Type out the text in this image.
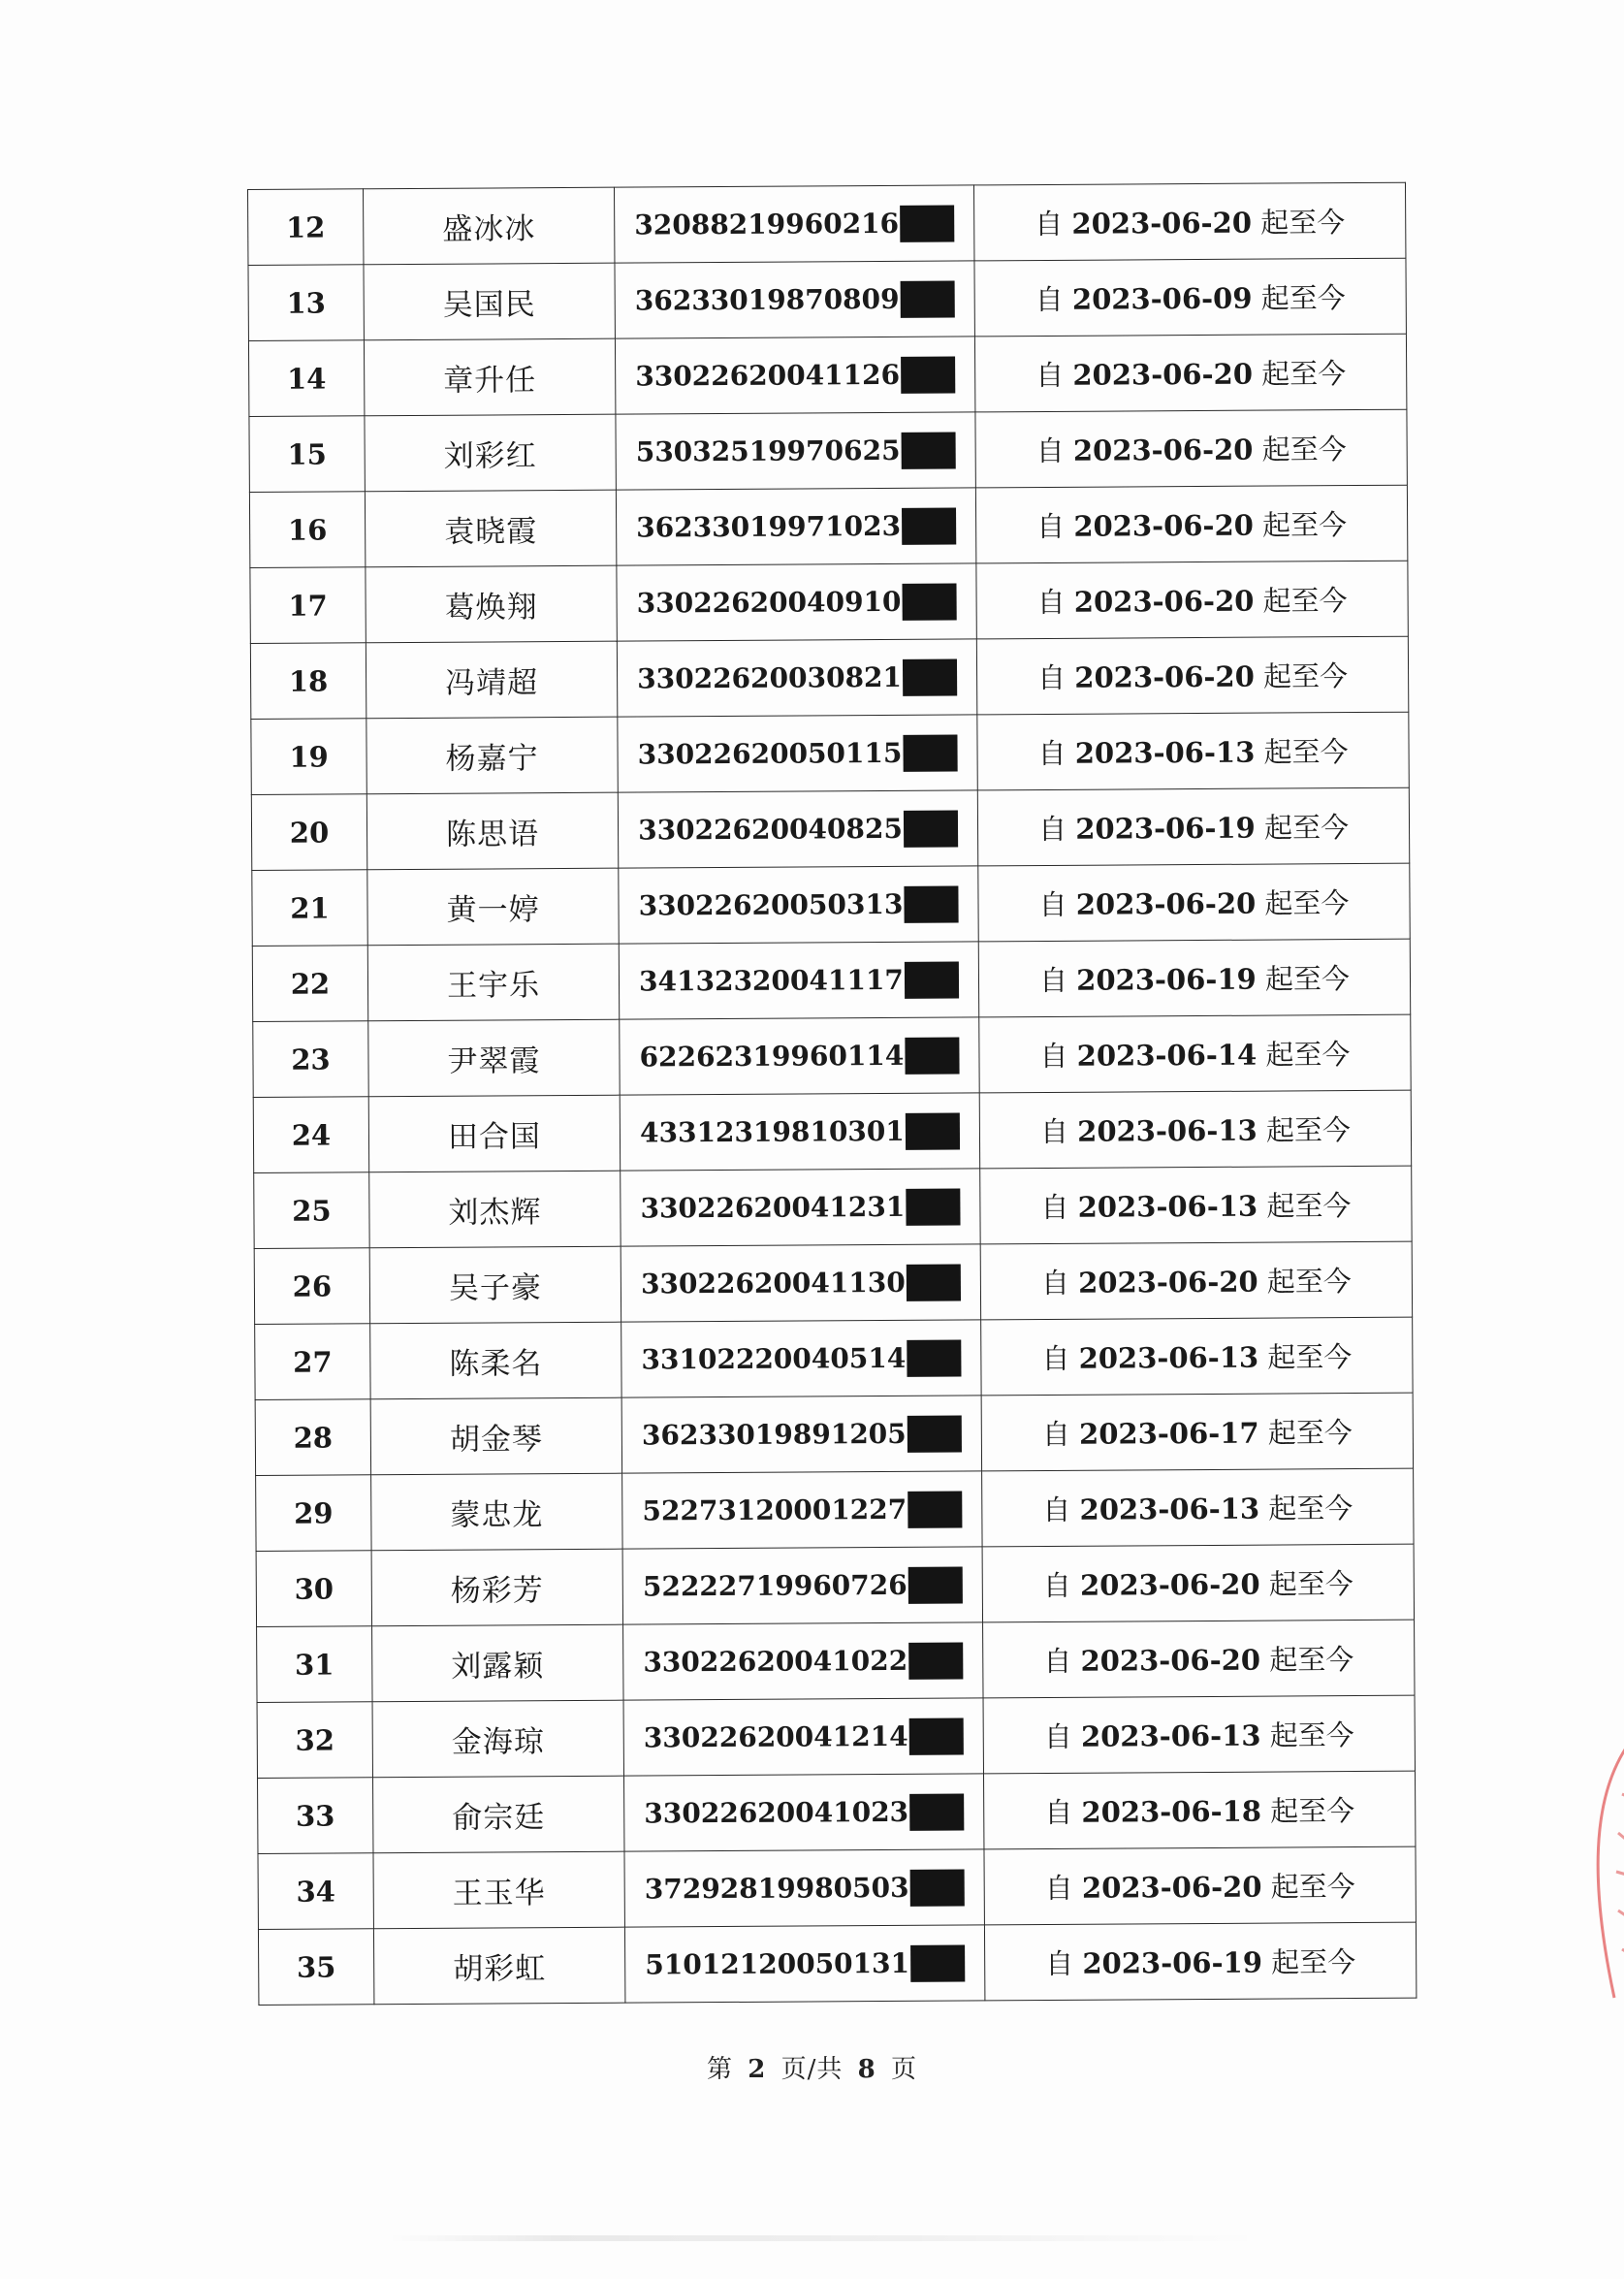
12	盛冰冰	32088219960216	自 2023-06-20 起至今
13	吴国民	36233019870809	自 2023-06-09 起至今
14	章升任	33022620041126	自 2023-06-20 起至今
15	刘彩红	53032519970625	自 2023-06-20 起至今
16	袁晓霞	36233019971023	自 2023-06-20 起至今
17	葛焕翔	33022620040910	自 2023-06-20 起至今
18	冯靖超	33022620030821	自 2023-06-20 起至今
19	杨嘉宁	33022620050115	自 2023-06-13 起至今
20	陈思语	33022620040825	自 2023-06-19 起至今
21	黄一婷	33022620050313	自 2023-06-20 起至今
22	王宇乐	34132320041117	自 2023-06-19 起至今
23	尹翠霞	62262319960114	自 2023-06-14 起至今
24	田合国	43312319810301	自 2023-06-13 起至今
25	刘杰辉	33022620041231	自 2023-06-13 起至今
26	吴子豪	33022620041130	自 2023-06-20 起至今
27	陈柔名	33102220040514	自 2023-06-13 起至今
28	胡金琴	36233019891205	自 2023-06-17 起至今
29	蒙忠龙	52273120001227	自 2023-06-13 起至今
30	杨彩芳	52222719960726	自 2023-06-20 起至今
31	刘露颖	33022620041022	自 2023-06-20 起至今
32	金海琼	33022620041214	自 2023-06-13 起至今
33	俞宗廷	33022620041023	自 2023-06-18 起至今
34	王玉华	37292819980503	自 2023-06-20 起至今
35	胡彩虹	51012120050131	自 2023-06-19 起至今
第 2 页/共 8 页
